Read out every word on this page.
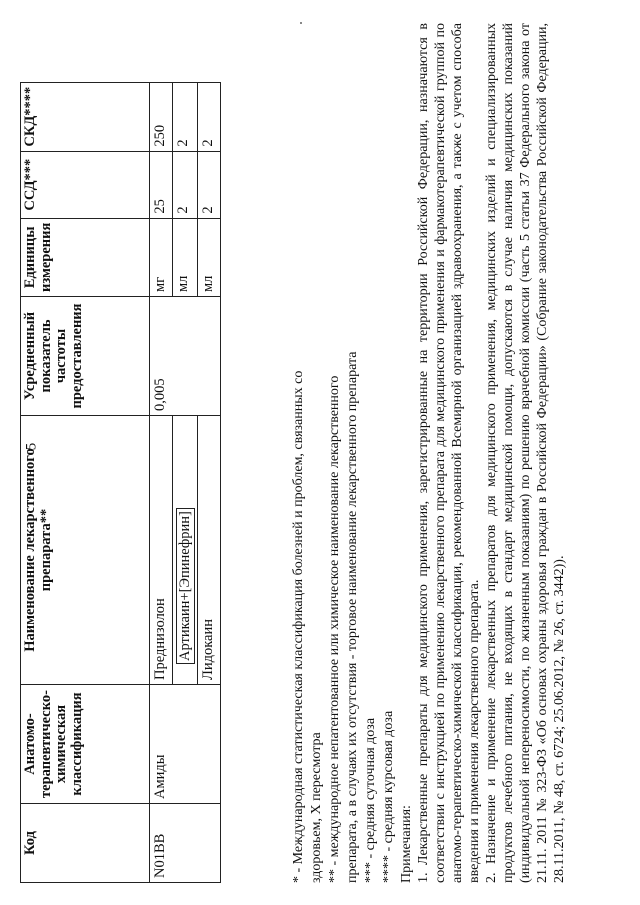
5
Код	Анатомо-терапевтическо-химическая классификация	Наименование лекарственного препарата**	Усредненный показатель частоты предоставления	Единицы измерения	ССД***	СКД****
N01BB	Амиды	Преднизолон	0,005	мг	25	250
		Артикаин+[Эпинефрин]		мл	2	2
		Лидокаин		мл	2	2
* - Международная статистическая классификация болезней и проблем, связанных со здоровьем, X пересмотра ** - международное непатентованное или химическое наименование лекарственного препарата, а в случаях их отсутствия - торговое наименование лекарственного препарата *** - средняя суточная доза **** - средняя курсовая доза Примечания: 1. Лекарственные препараты для медицинского применения, зарегистрированные на территории Российской Федерации, назначаются в соответствии с инструкцией по применению лекарственного препарата для медицинского применения и фармакотерапевтической группой по анатомо-терапевтическо-химической классификации, рекомендованной Всемирной организацией здравоохранения, а также с учетом способа введения и применения лекарственного препарата. 2. Назначение и применение лекарственных препаратов для медицинского применения, медицинских изделий и специализированных продуктов лечебного питания, не входящих в стандарт медицинской помощи, допускаются в случае наличия медицинских показаний (индивидуальной непереносимости, по жизненным показаниям) по решению врачебной комиссии (часть 5 статьи 37 Федерального закона от 21.11. 2011 № 323-ФЗ «Об основах охраны здоровья граждан в Российской Федерации» (Собрание законодательства Российской Федерации, 28.11.2011, № 48, ст. 6724; 25.06.2012, № 26, ст. 3442)).
